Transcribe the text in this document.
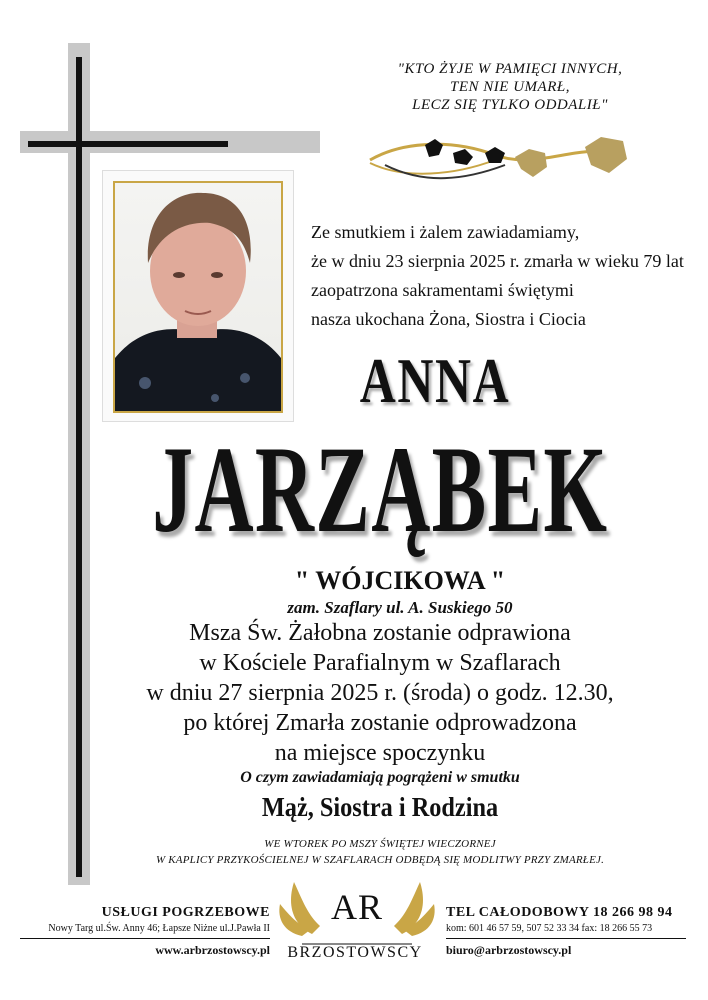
"KTO ŻYJE W PAMIĘCI INNYCH,
TEN NIE UMARŁ,
LECZ SIĘ TYLKO ODDALIŁ"
Ze smutkiem i żalem zawiadamiamy,
że w dniu 23 sierpnia 2025 r. zmarła w wieku 79 lat
zaopatrzona sakramentami świętymi
nasza ukochana Żona, Siostra i Ciocia
ANNA
JARZĄBEK
" WÓJCIKOWA "
zam. Szaflary ul. A. Suskiego 50
Msza Św. Żałobna zostanie odprawiona
w Kościele Parafialnym w Szaflarach
w dniu 27 sierpnia 2025 r. (środa) o godz. 12.30,
po której Zmarła zostanie odprowadzona
na miejsce spoczynku
O czym zawiadamiają pogrążeni w smutku
Mąż, Siostra i Rodzina
WE WTOREK PO MSZY ŚWIĘTEJ WIECZORNEJ
W KAPLICY PRZYKOŚCIELNEJ W SZAFLARACH ODBĘDĄ SIĘ MODLITWY PRZY ZMARŁEJ.
USŁUGI POGRZEBOWE
Nowy Targ ul.Św. Anny 46; Łapsze Niżne ul.J.Pawła II
www.arbrzostowscy.pl
AR
BRZOSTOWSCY
TEL CAŁODOBOWY 18 266 98 94
kom: 601 46 57 59, 507 52 33 34 fax: 18 266 55 73
biuro@arbrzostowscy.pl
